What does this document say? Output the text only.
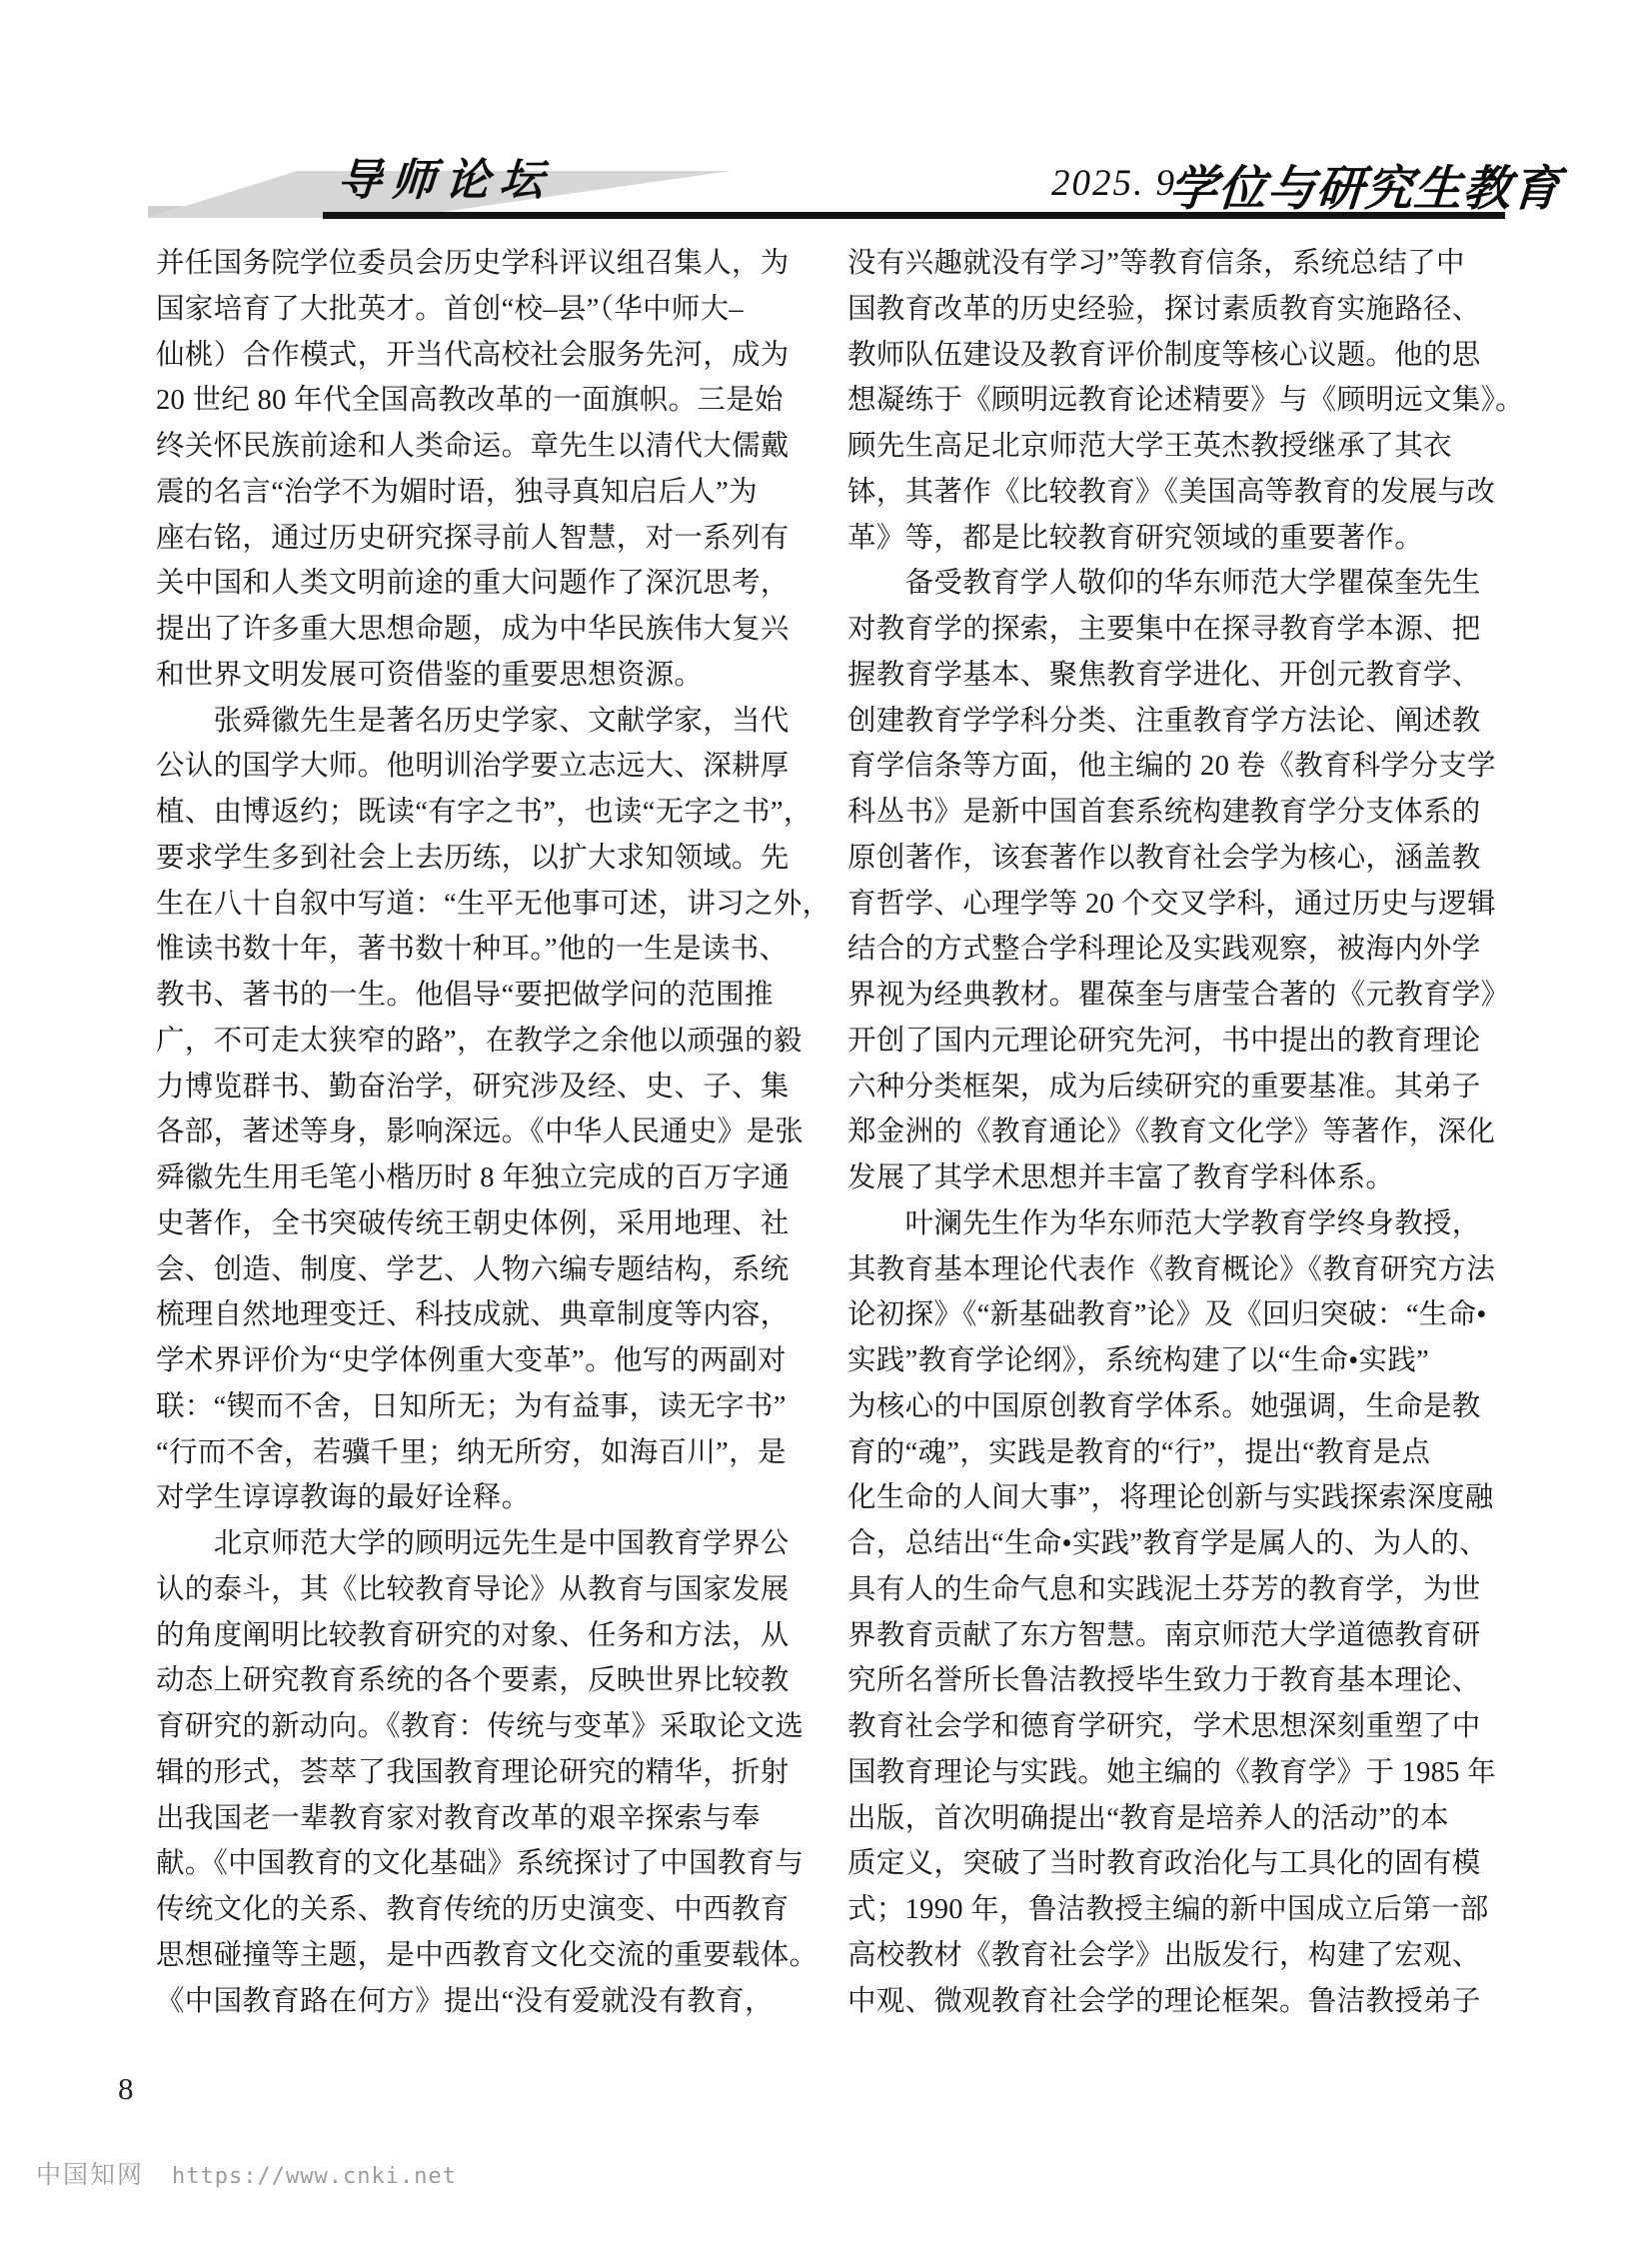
导师论坛	2025. 9
学位与研究生教育
并任国务院学位委员会历史学科评议组召集人，为
国家培育了大批英才。首创“校–县”（华中师大–
仙桃）合作模式，开当代高校社会服务先河，成为
20 世纪 80 年代全国高教改革的一面旗帜。三是始
终关怀民族前途和人类命运。章先生以清代大儒戴
震的名言“治学不为媚时语，独寻真知启后人”为
座右铭，通过历史研究探寻前人智慧，对一系列有
关中国和人类文明前途的重大问题作了深沉思考，
提出了许多重大思想命题，成为中华民族伟大复兴
和世界文明发展可资借鉴的重要思想资源。
　　张舜徽先生是著名历史学家、文献学家，当代
公认的国学大师。他明训治学要立志远大、深耕厚
植、由博返约；既读“有字之书”，也读“无字之书”，
要求学生多到社会上去历练，以扩大求知领域。先
生在八十自叙中写道：“生平无他事可述，讲习之外，
惟读书数十年，著书数十种耳。”他的一生是读书、
教书、著书的一生。他倡导“要把做学问的范围推
广，不可走太狭窄的路”，在教学之余他以顽强的毅
力博览群书、勤奋治学，研究涉及经、史、子、集
各部，著述等身，影响深远。《中华人民通史》是张
舜徽先生用毛笔小楷历时 8 年独立完成的百万字通
史著作，全书突破传统王朝史体例，采用地理、社
会、创造、制度、学艺、人物六编专题结构，系统
梳理自然地理变迁、科技成就、典章制度等内容，
学术界评价为“史学体例重大变革”。他写的两副对
联：“锲而不舍，日知所无；为有益事，读无字书”
“行而不舍，若骥千里；纳无所穷，如海百川”，是
对学生谆谆教诲的最好诠释。
　　北京师范大学的顾明远先生是中国教育学界公
认的泰斗，其《比较教育导论》从教育与国家发展
的角度阐明比较教育研究的对象、任务和方法，从
动态上研究教育系统的各个要素，反映世界比较教
育研究的新动向。《教育：传统与变革》采取论文选
辑的形式，荟萃了我国教育理论研究的精华，折射
出我国老一辈教育家对教育改革的艰辛探索与奉
献。《中国教育的文化基础》系统探讨了中国教育与
传统文化的关系、教育传统的历史演变、中西教育
思想碰撞等主题，是中西教育文化交流的重要载体。
《中国教育路在何方》提出“没有爱就没有教育，
没有兴趣就没有学习”等教育信条，系统总结了中
国教育改革的历史经验，探讨素质教育实施路径、
教师队伍建设及教育评价制度等核心议题。他的思
想凝练于《顾明远教育论述精要》与《顾明远文集》。
顾先生高足北京师范大学王英杰教授继承了其衣
钵，其著作《比较教育》《美国高等教育的发展与改
革》等，都是比较教育研究领域的重要著作。
　　备受教育学人敬仰的华东师范大学瞿葆奎先生
对教育学的探索，主要集中在探寻教育学本源、把
握教育学基本、聚焦教育学进化、开创元教育学、
创建教育学学科分类、注重教育学方法论、阐述教
育学信条等方面，他主编的 20 卷《教育科学分支学
科丛书》是新中国首套系统构建教育学分支体系的
原创著作，该套著作以教育社会学为核心，涵盖教
育哲学、心理学等 20 个交叉学科，通过历史与逻辑
结合的方式整合学科理论及实践观察，被海内外学
界视为经典教材。瞿葆奎与唐莹合著的《元教育学》
开创了国内元理论研究先河，书中提出的教育理论
六种分类框架，成为后续研究的重要基准。其弟子
郑金洲的《教育通论》《教育文化学》等著作，深化
发展了其学术思想并丰富了教育学科体系。
　　叶澜先生作为华东师范大学教育学终身教授，
其教育基本理论代表作《教育概论》《教育研究方法
论初探》《“新基础教育”论》及《回归突破：“生命•
实践”教育学论纲》，系统构建了以“生命•实践”
为核心的中国原创教育学体系。她强调，生命是教
育的“魂”，实践是教育的“行”，提出“教育是点
化生命的人间大事”，将理论创新与实践探索深度融
合，总结出“生命•实践”教育学是属人的、为人的、
具有人的生命气息和实践泥土芬芳的教育学，为世
界教育贡献了东方智慧。南京师范大学道德教育研
究所名誉所长鲁洁教授毕生致力于教育基本理论、
教育社会学和德育学研究，学术思想深刻重塑了中
国教育理论与实践。她主编的《教育学》于 1985 年
出版，首次明确提出“教育是培养人的活动”的本
质定义，突破了当时教育政治化与工具化的固有模
式；1990 年，鲁洁教授主编的新中国成立后第一部
高校教材《教育社会学》出版发行，构建了宏观、
中观、微观教育社会学的理论框架。鲁洁教授弟子
8
中国知网 https://www.cnki.net
